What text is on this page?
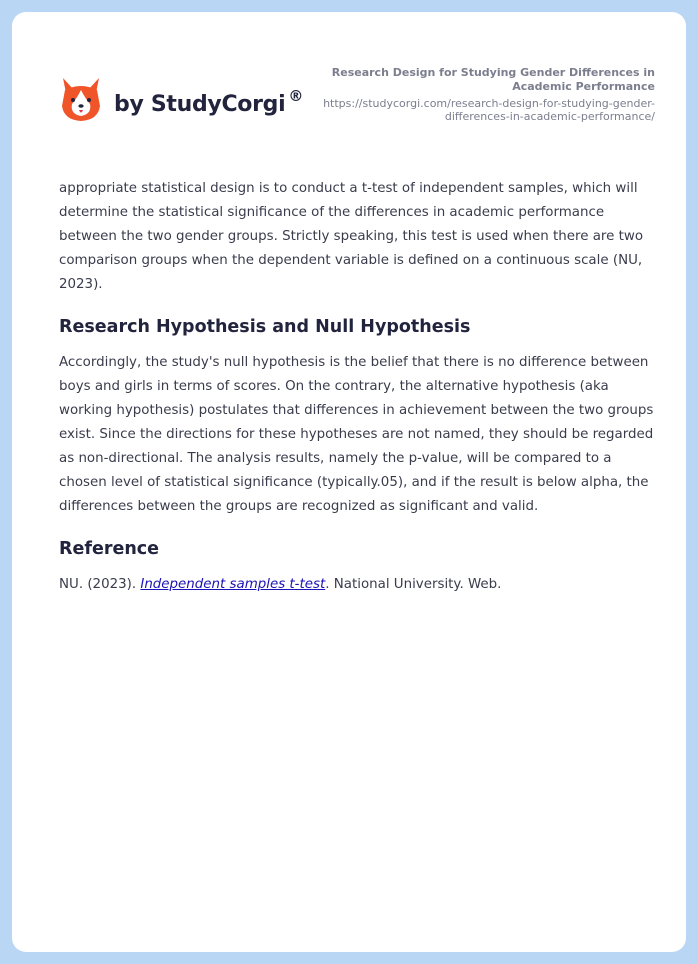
by StudyCorgi ®
Research Design for Studying Gender Differences in Academic Performance
https://studycorgi.com/research-design-for-studying-gender-differences-in-academic-performance/

appropriate statistical design is to conduct a t-test of independent samples, which will determine the statistical significance of the differences in academic performance between the two gender groups. Strictly speaking, this test is used when there are two comparison groups when the dependent variable is defined on a continuous scale (NU, 2023).

Research Hypothesis and Null Hypothesis

Accordingly, the study's null hypothesis is the belief that there is no difference between boys and girls in terms of scores. On the contrary, the alternative hypothesis (aka working hypothesis) postulates that differences in achievement between the two groups exist. Since the directions for these hypotheses are not named, they should be regarded as non-directional. The analysis results, namely the p-value, will be compared to a chosen level of statistical significance (typically.05), and if the result is below alpha, the differences between the groups are recognized as significant and valid.

Reference

NU. (2023). Independent samples t-test. National University. Web.
